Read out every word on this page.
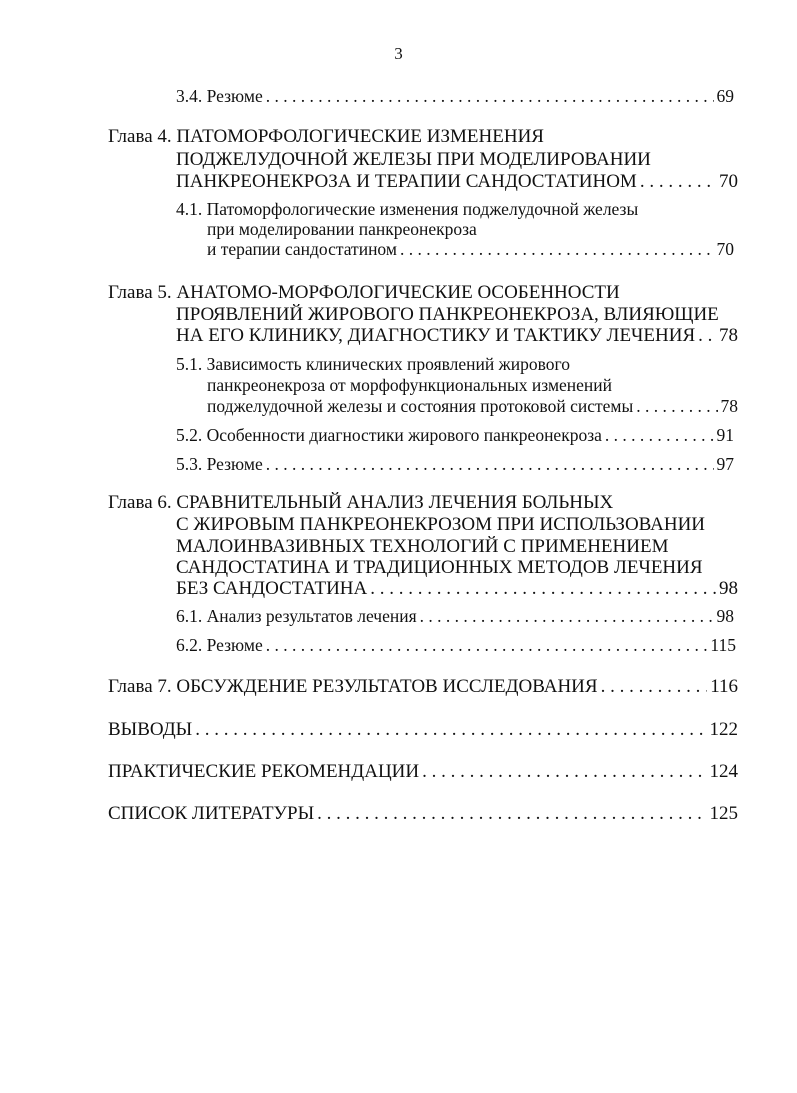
3
3.4. Резюме . . .	69
Глава 4. ПАТОМОРФОЛОГИЧЕСКИЕ ИЗМЕНЕНИЯ
ПОДЖЕЛУДОЧНОЙ ЖЕЛЕЗЫ ПРИ МОДЕЛИРОВАНИИ
ПАНКРЕОНЕКРОЗА И ТЕРАПИИ САНДОСТАТИНОМ . . .	70
4.1. Патоморфологические изменения поджелудочной железы
при моделировании панкреонекроза
и терапии сандостатином . . .	70
Глава 5. АНАТОМО-МОРФОЛОГИЧЕСКИЕ ОСОБЕННОСТИ
ПРОЯВЛЕНИЙ ЖИРОВОГО ПАНКРЕОНЕКРОЗА, ВЛИЯЮЩИЕ
НА ЕГО КЛИНИКУ, ДИАГНОСТИКУ И ТАКТИКУ ЛЕЧЕНИЯ . . . 78
5.1. Зависимость клинических проявлений жирового
панкреонекроза от морфофункциональных изменений
поджелудочной железы и состояния протоковой системы . . .	78
5.2. Особенности диагностики жирового панкреонекроза . . .	91
5.3. Резюме . . .	97
Глава 6. СРАВНИТЕЛЬНЫЙ АНАЛИЗ ЛЕЧЕНИЯ БОЛЬНЫХ
С ЖИРОВЫМ ПАНКРЕОНЕКРОЗОМ ПРИ ИСПОЛЬЗОВАНИИ
МАЛОИНВАЗИВНЫХ ТЕХНОЛОГИЙ С ПРИМЕНЕНИЕМ
САНДОСТАТИНА И ТРАДИЦИОННЫХ МЕТОДОВ ЛЕЧЕНИЯ
БЕЗ САНДОСТАТИНА . . .	98
6.1. Анализ результатов лечения . . .	98
6.2. Резюме . . .	115
Глава 7. ОБСУЖДЕНИЕ РЕЗУЛЬТАТОВ ИССЛЕДОВАНИЯ . . .	116
ВЫВОДЫ . . .	122
ПРАКТИЧЕСКИЕ РЕКОМЕНДАЦИИ . . .	124
СПИСОК ЛИТЕРАТУРЫ . . .	125
